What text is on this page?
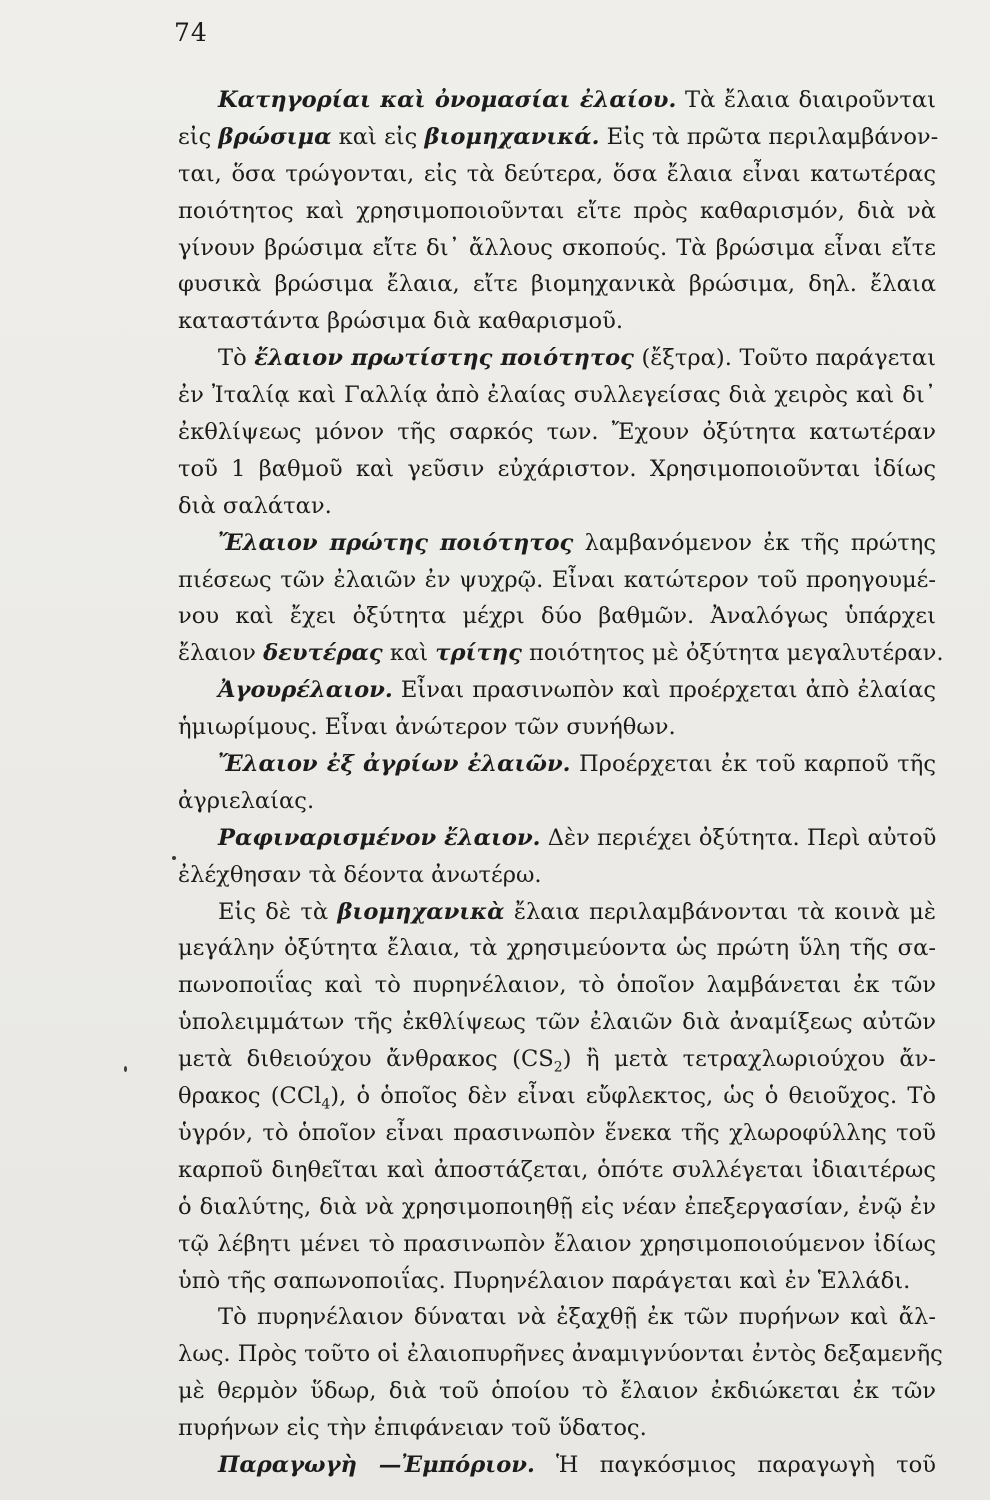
74
Κατηγορίαι καὶ ὀνομασίαι ἐλαίου. Τὰ ἔλαια διαιροῦνται
εἰς βρώσιμα καὶ εἰς βιομηχανικά. Εἰς τὰ πρῶτα περιλαμβάνον-
ται, ὅσα τρώγονται, εἰς τὰ δεύτερα, ὅσα ἔλαια εἶναι κατωτέρας
ποιότητος καὶ χρησιμοποιοῦνται εἴτε πρὸς καθαρισμόν, διὰ νὰ
γίνουν βρώσιμα εἴτε δι᾽ ἄλλους σκοπούς. Τὰ βρώσιμα εἶναι εἴτε
φυσικὰ βρώσιμα ἔλαια, εἴτε βιομηχανικὰ βρώσιμα, δηλ. ἔλαια
καταστάντα βρώσιμα διὰ καθαρισμοῦ.
Τὸ ἔλαιον πρωτίστης ποιότητος (ἔξτρα). Τοῦτο παράγεται
ἐν Ἰταλίᾳ καὶ Γαλλίᾳ ἀπὸ ἐλαίας συλλεγείσας διὰ χειρὸς καὶ δι᾽
ἐκθλίψεως μόνον τῆς σαρκός των. Ἔχουν ὀξύτητα κατωτέραν
τοῦ 1 βαθμοῦ καὶ γεῦσιν εὐχάριστον. Χρησιμοποιοῦνται ἰδίως
διὰ σαλάταν.
Ἔλαιον πρώτης ποιότητος λαμβανόμενον ἐκ τῆς πρώτης
πιέσεως τῶν ἐλαιῶν ἐν ψυχρῷ. Εἶναι κατώτερον τοῦ προηγουμέ-
νου καὶ ἔχει ὀξύτητα μέχρι δύο βαθμῶν. Ἀναλόγως ὑπάρχει
ἔλαιον δευτέρας καὶ τρίτης ποιότητος μὲ ὀξύτητα μεγαλυτέραν.
Ἀγουρέλαιον. Εἶναι πρασινωπὸν καὶ προέρχεται ἀπὸ ἐλαίας
ἡμιωρίμους. Εἶναι ἀνώτερον τῶν συνήθων.
Ἔλαιον ἐξ ἀγρίων ἐλαιῶν. Προέρχεται ἐκ τοῦ καρποῦ τῆς
ἀγριελαίας.
Ραφιναρισμένον ἔλαιον. Δὲν περιέχει ὀξύτητα. Περὶ αὐτοῦ
ἐλέχθησαν τὰ δέοντα ἀνωτέρω.
Εἰς δὲ τὰ βιομηχανικὰ ἔλαια περιλαμβάνονται τὰ κοινὰ μὲ
μεγάλην ὀξύτητα ἔλαια, τὰ χρησιμεύοντα ὡς πρώτη ὕλη τῆς σα-
πωνοποιΐας καὶ τὸ πυρηνέλαιον, τὸ ὁποῖον λαμβάνεται ἐκ τῶν
ὑπολειμμάτων τῆς ἐκθλίψεως τῶν ἐλαιῶν διὰ ἀναμίξεως αὐτῶν
μετὰ διθειούχου ἄνθρακος $(CS_2)$ ἢ μετὰ τετραχλωριούχου ἄν-
θρακος (CCl$_4$), ὁ ὁποῖος δὲν εἶναι εὔφλεκτος, ὡς ὁ θειοῦχος. Τὸ
ὑγρόν, τὸ ὁποῖον εἶναι πρασινωπὸν ἕνεκα τῆς χλωροφύλλης τοῦ
καρποῦ διηθεῖται καὶ ἀποστάζεται, ὁπότε συλλέγεται ἰδιαιτέρως
ὁ διαλύτης, διὰ νὰ χρησιμοποιηθῇ εἰς νέαν ἐπεξεργασίαν, ἐνῷ ἐν
τῷ λέβητι μένει τὸ πρασινωπὸν ἔλαιον χρησιμοποιούμενον ἰδίως
ὑπὸ τῆς σαπωνοποιΐας. Πυρηνέλαιον παράγεται καὶ ἐν Ἑλλάδι.
Τὸ πυρηνέλαιον δύναται νὰ ἐξαχθῇ ἐκ τῶν πυρήνων καὶ ἄλ-
λως. Πρὸς τοῦτο οἱ ἐλαιοπυρῆνες ἀναμιγνύονται ἐντὸς δεξαμενῆς
μὲ θερμὸν ὕδωρ, διὰ τοῦ ὁποίου τὸ ἔλαιον ἐκδιώκεται ἐκ τῶν
πυρήνων εἰς τὴν ἐπιφάνειαν τοῦ ὕδατος.
Παραγωγὴ —Ἐμπόριον. Ἡ παγκόσμιος παραγωγὴ τοῦ
